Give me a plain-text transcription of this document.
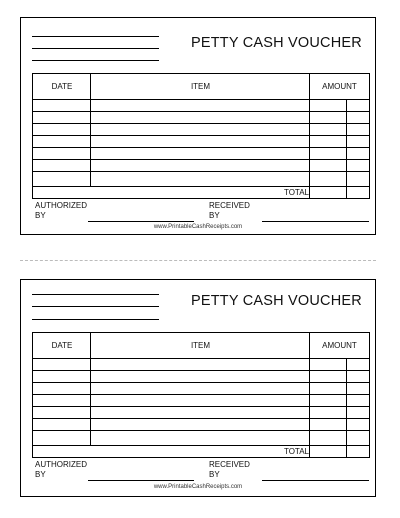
PETTY CASH VOUCHER
DATE	ITEM	AMOUNT
TOTAL
AUTHORIZED
BY
RECEIVED
BY
www.PrintableCashReceipts.com
PETTY CASH VOUCHER
DATE	ITEM	AMOUNT
TOTAL
AUTHORIZED
BY
RECEIVED
BY
www.PrintableCashReceipts.com
